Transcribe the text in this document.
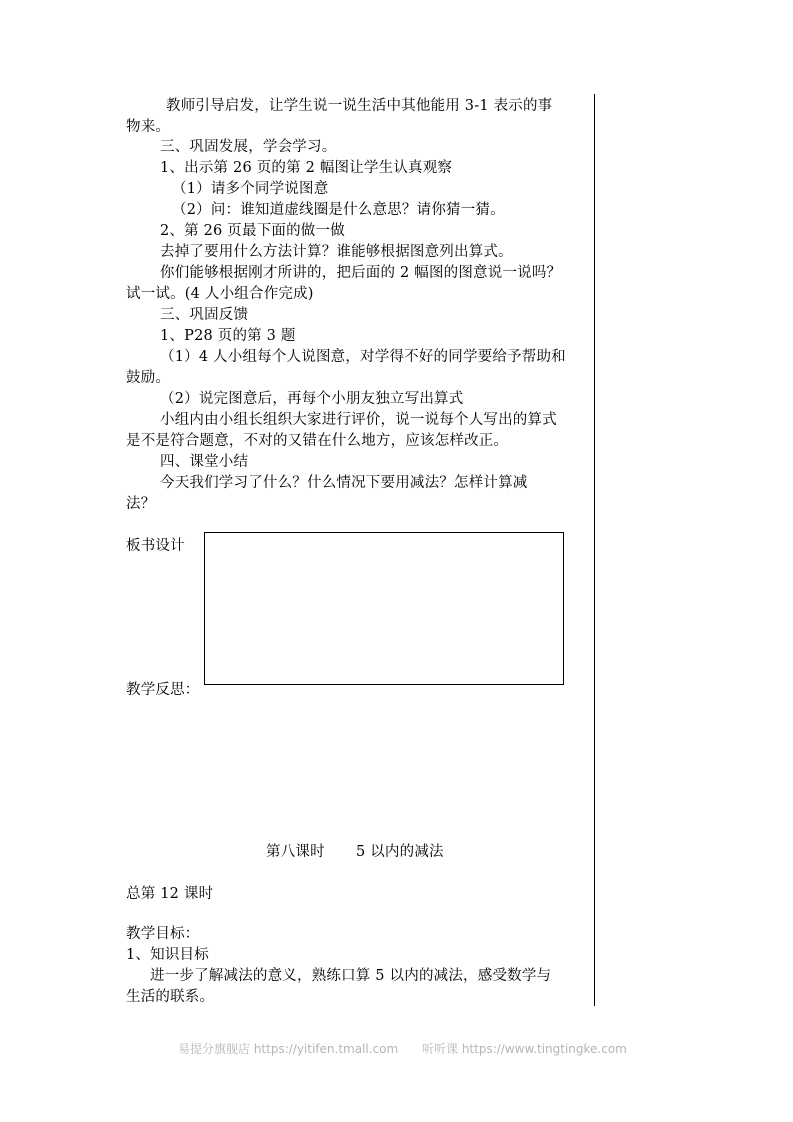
教师引导启发，让学生说一说生活中其他能用 3-1 表示的事
物来。
三、巩固发展，学会学习。
1、出示第 26 页的第 2 幅图让学生认真观察
（1）请多个同学说图意
（2）问：谁知道虚线圈是什么意思？请你猜一猜。
2、第 26 页最下面的做一做
去掉了要用什么方法计算？谁能够根据图意列出算式。
你们能够根据刚才所讲的，把后面的 2 幅图的图意说一说吗？
试一试。(4 人小组合作完成)
三、巩固反馈
1、P28 页的第 3 题
（1）4 人小组每个人说图意，对学得不好的同学要给予帮助和
鼓励。
（2）说完图意后，再每个小朋友独立写出算式
小组内由小组长组织大家进行评价，说一说每个人写出的算式
是不是符合题意，不对的又错在什么地方，应该怎样改正。
四、课堂小结
今天我们学习了什么？什么情况下要用减法？怎样计算减
法？
板书设计
教学反思：
第八课时 5 以内的减法
总第 12 课时
教学目标：
1、知识目标
进一步了解减法的意义，熟练口算 5 以内的减法，感受数学与
生活的联系。
易提分旗舰店 https://yitifen.tmall.com 听听课 https://www.tingtingke.com
